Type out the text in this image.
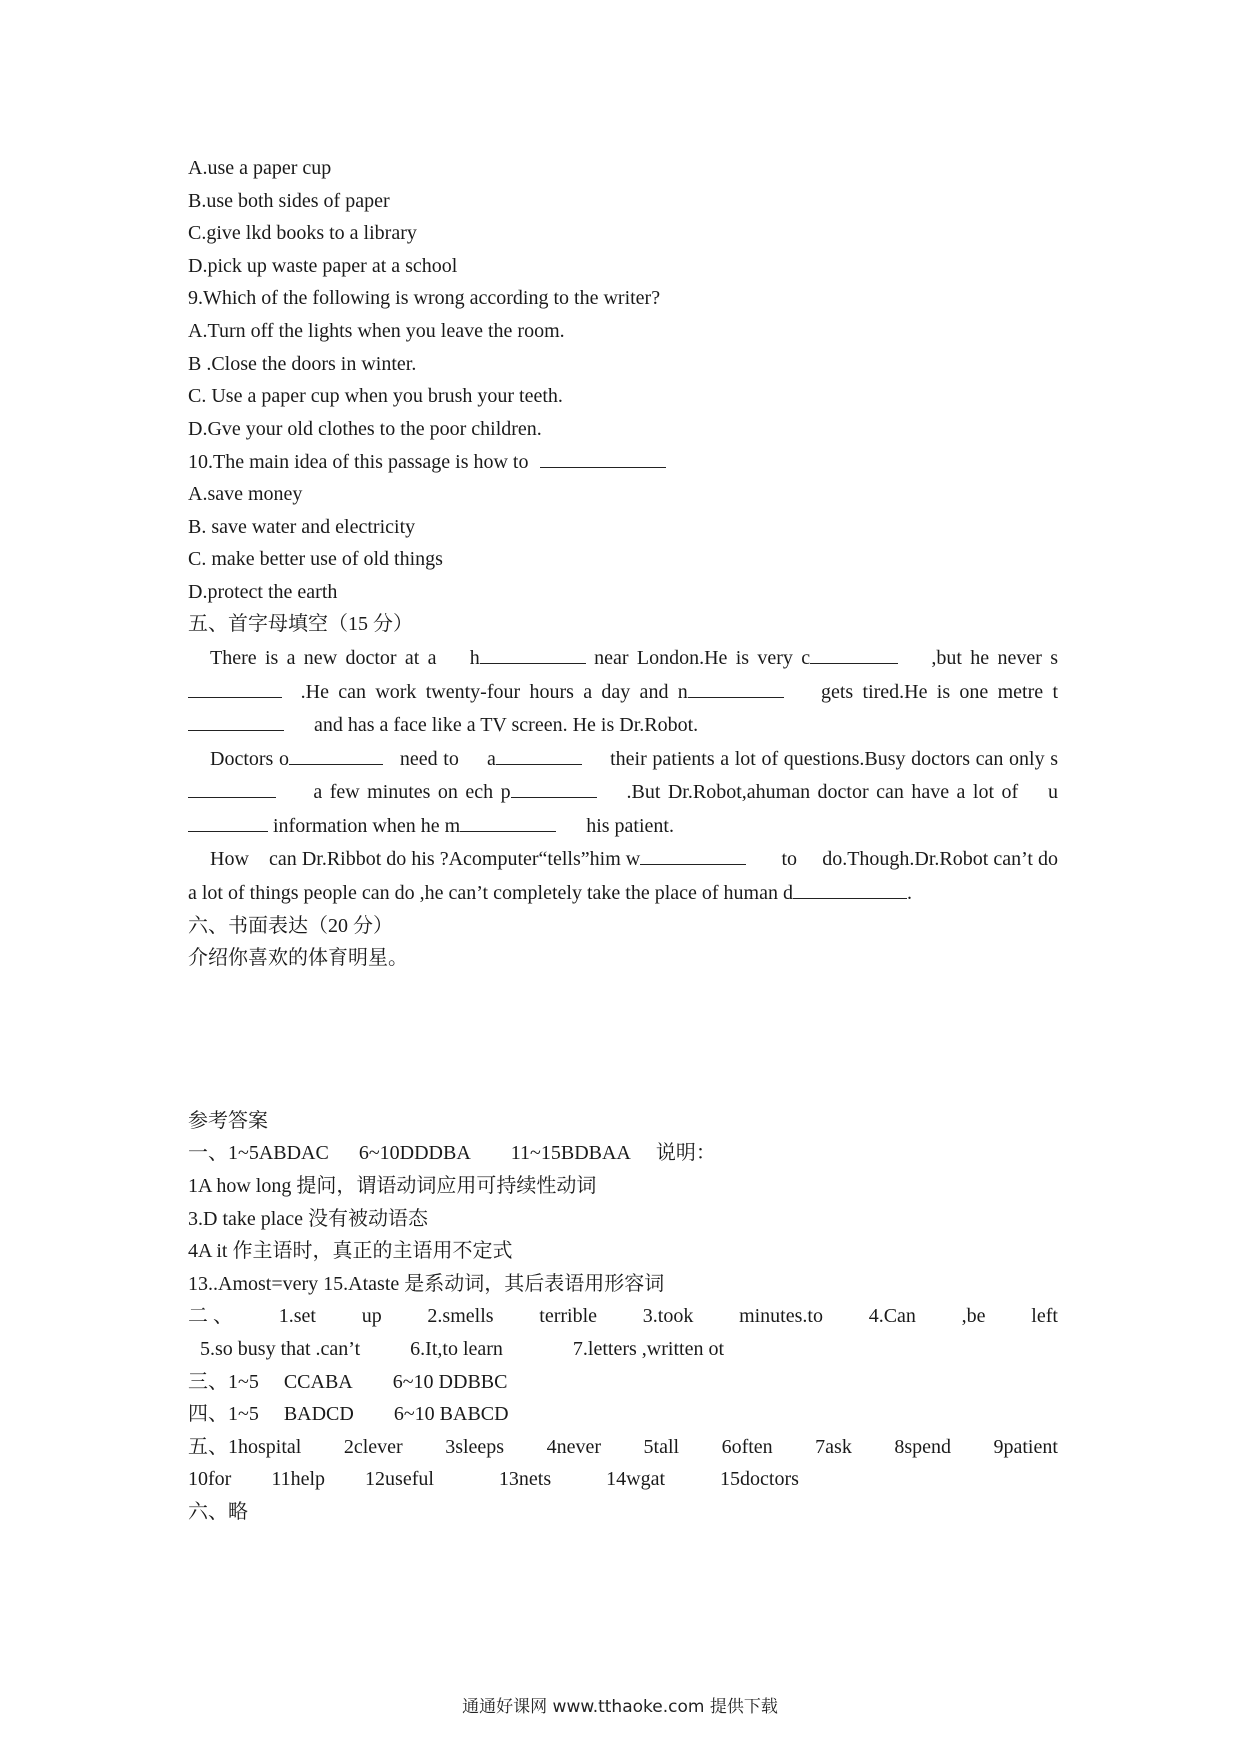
A.use a paper cup
B.use both sides of paper
C.give lkd books to a library
D.pick up waste paper at a school
9.Which of the following is wrong according to the writer?
A.Turn off the lights when you leave the room.
B .Close the doors in winter.
C. Use a paper cup when you brush your teeth.
D.Gve your old clothes to the poor children.
10.The main idea of this passage is how to
A.save money
B. save water and electricity
C. make better use of old things
D.protect the earth
五、首字母填空（15 分）

There is a new doctor at a h	near London.He is very c	,but he never s  .He can work twenty-four hours a day and n	gets tired.He is one metre t      and has a face like a TV screen. He is Dr.Robot.

Doctors o	need to a	their patients a lot of questions.Busy doctors can only s     a few minutes on ech p	.But Dr.Robot,ahuman doctor can have a lot of u information when he m	his patient.

How can Dr.Ribbot do his ?Acomputer“tells”him w	to do.Though.Dr.Robot can’t do a lot of things people can do ,he can’t completely take the place of human d	.

六、书面表达（20 分）
介绍你喜欢的体育明星。
参考答案
一、1~5ABDAC 6~10DDDBA 11~15BDBAA 说明：
1A how long 提问，谓语动词应用可持续性动词
3.D take place 没有被动语态
4A it 作主语时，真正的主语用不定式
13..Amost=very 15.Ataste 是系动词，其后表语用形容词
二 、 1.set up 2.smells terrible 3.took minutes.to 4.Can ,be left
5.so busy that .can’t	6.It,to learn	7.letters ,written ot
三、1~5 CCABA 6~10 DDBBC
四、1~5 BADCD 6~10 BABCD
五、1hospital 2clever 3sleeps 4never 5tall 6often 7ask 8spend 9patient
10for 11help 12useful	13nets	14wgat	15doctors
六、略
通通好课网 www.tthaoke.com 提供下载
